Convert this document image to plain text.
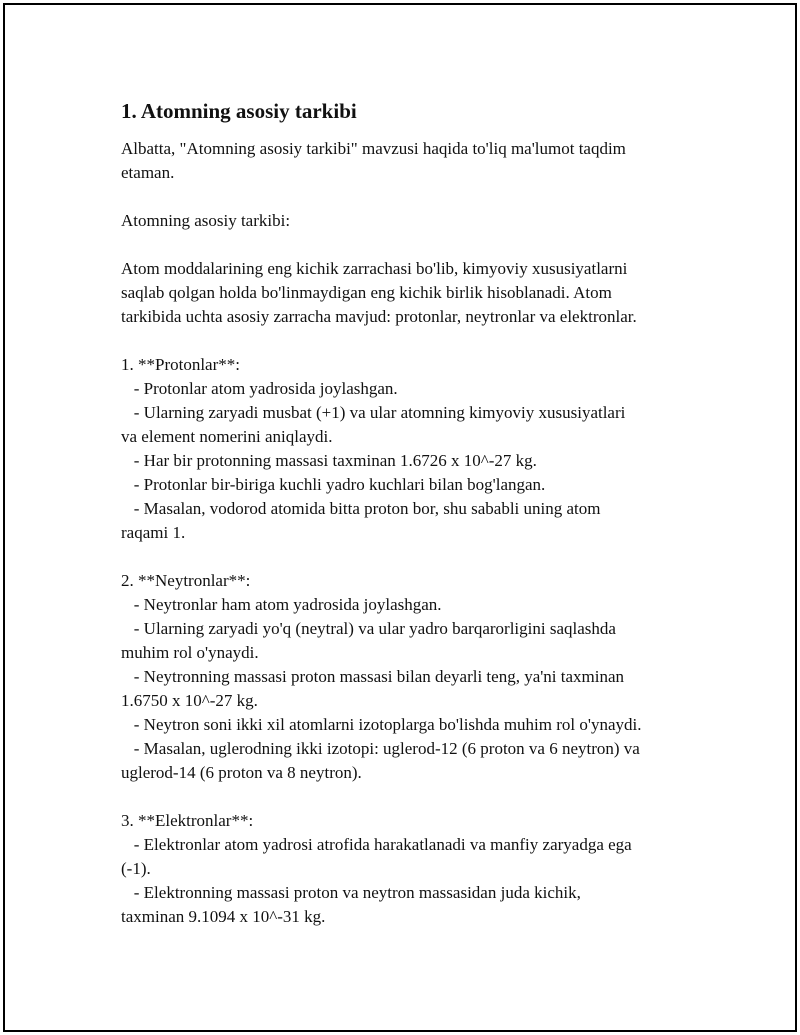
1. Atomning asosiy tarkibi

Albatta, "Atomning asosiy tarkibi" mavzusi haqida to'liq ma'lumot taqdim

etaman.

Atomning asosiy tarkibi:

Atom moddalarining eng kichik zarrachasi bo'lib, kimyoviy xususiyatlarni

saqlab qolgan holda bo'linmaydigan eng kichik birlik hisoblanadi. Atom

tarkibida uchta asosiy zarracha mavjud: protonlar, neytronlar va elektronlar.

1. **Protonlar**:

- Protonlar atom yadrosida joylashgan.

- Ularning zaryadi musbat (+1) va ular atomning kimyoviy xususiyatlari

va element nomerini aniqlaydi.

- Har bir protonning massasi taxminan 1.6726 x 10^-27 kg.

- Protonlar bir-biriga kuchli yadro kuchlari bilan bog'langan.

- Masalan, vodorod atomida bitta proton bor, shu sababli uning atom

raqami 1.

2. **Neytronlar**:

- Neytronlar ham atom yadrosida joylashgan.

- Ularning zaryadi yo'q (neytral) va ular yadro barqarorligini saqlashda

muhim rol o'ynaydi.

- Neytronning massasi proton massasi bilan deyarli teng, ya'ni taxminan

1.6750 x 10^-27 kg.

- Neytron soni ikki xil atomlarni izotoplarga bo'lishda muhim rol o'ynaydi.

- Masalan, uglerodning ikki izotopi: uglerod-12 (6 proton va 6 neytron) va

uglerod-14 (6 proton va 8 neytron).

3. **Elektronlar**:

- Elektronlar atom yadrosi atrofida harakatlanadi va manfiy zaryadga ega

(-1).

- Elektronning massasi proton va neytron massasidan juda kichik,

taxminan 9.1094 x 10^-31 kg.
